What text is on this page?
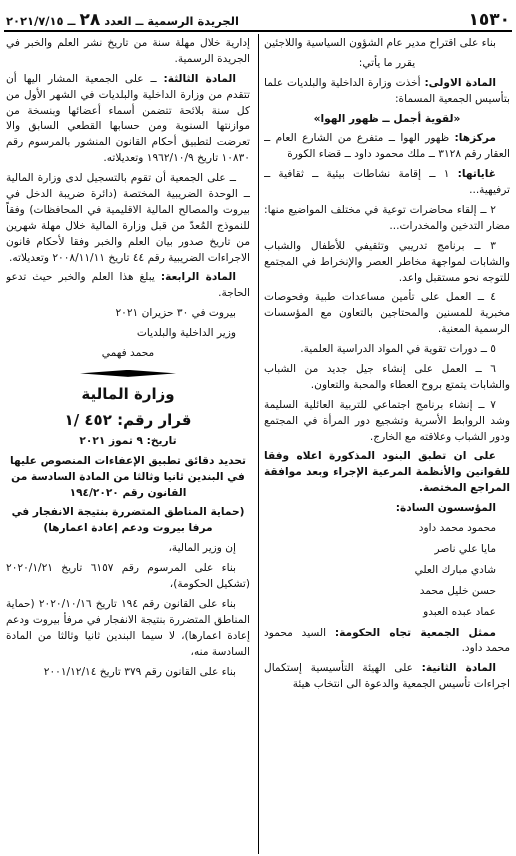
١٥٣٠
الجريدة الرسمية ــ العدد ٢٨ ــ ٢٠٢١/٧/١٥

بناء على اقتراح مدير عام الشؤون السياسية واللاجئين

يقرر ما يأتي:

المادة الاولى: أخذت وزارة الداخلية والبلديات علما بتأسيس الجمعية المسماة:

«لقوية أجمل ــ ظهور الهوا»

مركزها: ظهور الهوا ــ متفرع من الشارع العام ــ العقار رقم ٣١٢٨ ــ ملك محمود داود ــ قضاء الكورة

غاياتها: ١ ــ إقامة نشاطات بيئية ــ ثقافية ــ ترفيهية...

٢ ــ إلقاء محاضرات توعية في مختلف المواضيع منها: مضار التدخين والمخدرات...

٣ ــ برنامج تدريبي وتثقيفي للأطفال والشباب والشابات لمواجهة مخاطر العصر والإنخراط في المجتمع للتوجه نحو مستقبل واعد.

٤ ــ العمل على تأمين مساعدات طبية وفحوصات مخبرية للمسنين والمحتاجين بالتعاون مع المؤسسات الرسمية المعنية.

٥ ــ دورات تقوية في المواد الدراسية العلمية.

٦ ــ العمل على إنشاء جيل جديد من الشباب والشابات يتمتع بروح العطاء والمحبة والتعاون.

٧ ــ إنشاء برنامج اجتماعي للتربية العائلية السليمة وشد الروابط الأسرية وتشجيع دور المرأة في المجتمع ودور الشباب وعلاقته مع الخارج.

على ان تطبق البنود المذكورة اعلاه وفقا للقوانين والأنظمة المرعية الإجراء وبعد موافقة المراجع المختصة.

المؤسسون السادة:

محمود محمد داود

مايا علي ناصر

شادي مبارك العلي

حسن خليل محمد

عماد عبده العبدو

ممثل الجمعية تجاه الحكومة: السيد محمود محمد داود.

المادة الثانية: على الهيئة التأسيسية إستكمال اجراءات تأسيس الجمعية والدعوة الى انتخاب هيئة

إدارية خلال مهلة سنة من تاريخ نشر العلم والخبر في الجريدة الرسمية.

المادة الثالثة: ــ على الجمعية المشار اليها أن تتقدم من وزارة الداخلية والبلديات في الشهر الأول من كل سنة بلائحة تتضمن أسماء أعضائها وبنسخة من موازنتها السنوية ومن حسابها القطعي السابق والا تعرضت لتطبيق أحكام القانون المنشور بالمرسوم رقم ١٠٨٣٠ تاريخ ١٩٦٢/١٠/٩ وتعديلاته.

ــ على الجمعية أن تقوم بالتسجيل لدى وزارة المالية ــ الوحدة الضريبية المختصة (دائرة ضريبة الدخل في بيروت والمصالح المالية الاقليمية في المحافظات) وفقاً للنموذج المُعدّ من قبل وزارة المالية خلال مهلة شهرين من تاريخ صدور بيان العلم والخبر وفقا لأحكام قانون الاجراءات الضريبية رقم ٤٤ تاريخ ٢٠٠٨/١١/١١ وتعديلاته.

المادة الرابعة: يبلغ هذا العلم والخبر حيث تدعو الحاجة.

بيروت في ٣٠ حزيران ٢٠٢١

وزير الداخلية والبلديات

محمد فهمي

وزارة المالية
قرار رقم: ٤٥٢ /١

تاريخ: ٩ تموز ٢٠٢١

تحديد دقائق تطبيق الإعفاءات المنصوص عليها في البندين ثانيا وثالثا من المادة السادسة من القانون رقم ١٩٤/٢٠٢٠

(حماية المناطق المتضررة بنتيجة الانفجار في مرفا بيروت ودعم إعادة اعمارها)

إن وزير المالية،

بناء على المرسوم رقم ٦١٥٧ تاريخ ٢٠٢٠/١/٢١ (تشكيل الحكومة)،

بناء على القانون رقم ١٩٤ تاريخ ٢٠٢٠/١٠/١٦ (حماية المناطق المتضررة بنتيجة الانفجار في مرفأ بيروت ودعم إعادة اعمارها)، لا سيما البندين ثانيا وثالثا من المادة السادسة منه،

بناء على القانون رقم ٣٧٩ تاريخ ٢٠٠١/١٢/١٤
